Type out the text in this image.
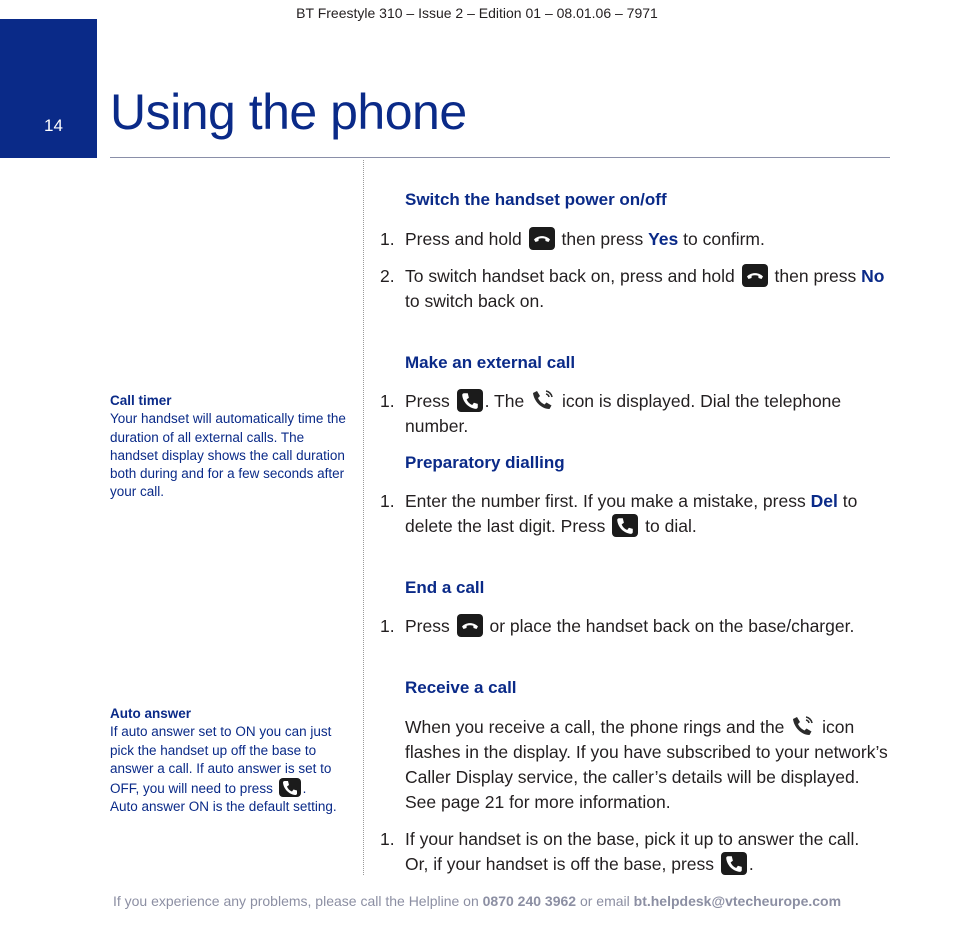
BT Freestyle 310 – Issue 2 – Edition 01 – 08.01.06 – 7971
14 Using the phone
Call timer
Your handset will automatically time the duration of all external calls. The handset display shows the call duration both during and for a few seconds after your call.
Auto answer
If auto answer set to ON you can just pick the handset up off the base to answer a call. If auto answer is set to OFF, you will need to press .
Auto answer ON is the default setting.
Switch the handset power on/off
1. Press and hold then press Yes to confirm.
2. To switch handset back on, press and hold then press No to switch back on.
Make an external call
1. Press . The icon is displayed. Dial the telephone number.
Preparatory dialling
1. Enter the number first. If you make a mistake, press Del to delete the last digit. Press to dial.
End a call
1. Press or place the handset back on the base/charger.
Receive a call
When you receive a call, the phone rings and the icon flashes in the display. If you have subscribed to your network’s Caller Display service, the caller’s details will be displayed.
See page 21 for more information.
1. If your handset is on the base, pick it up to answer the call.
Or, if your handset is off the base, press .
If you experience any problems, please call the Helpline on 0870 240 3962 or email bt.helpdesk@vtecheurope.com
